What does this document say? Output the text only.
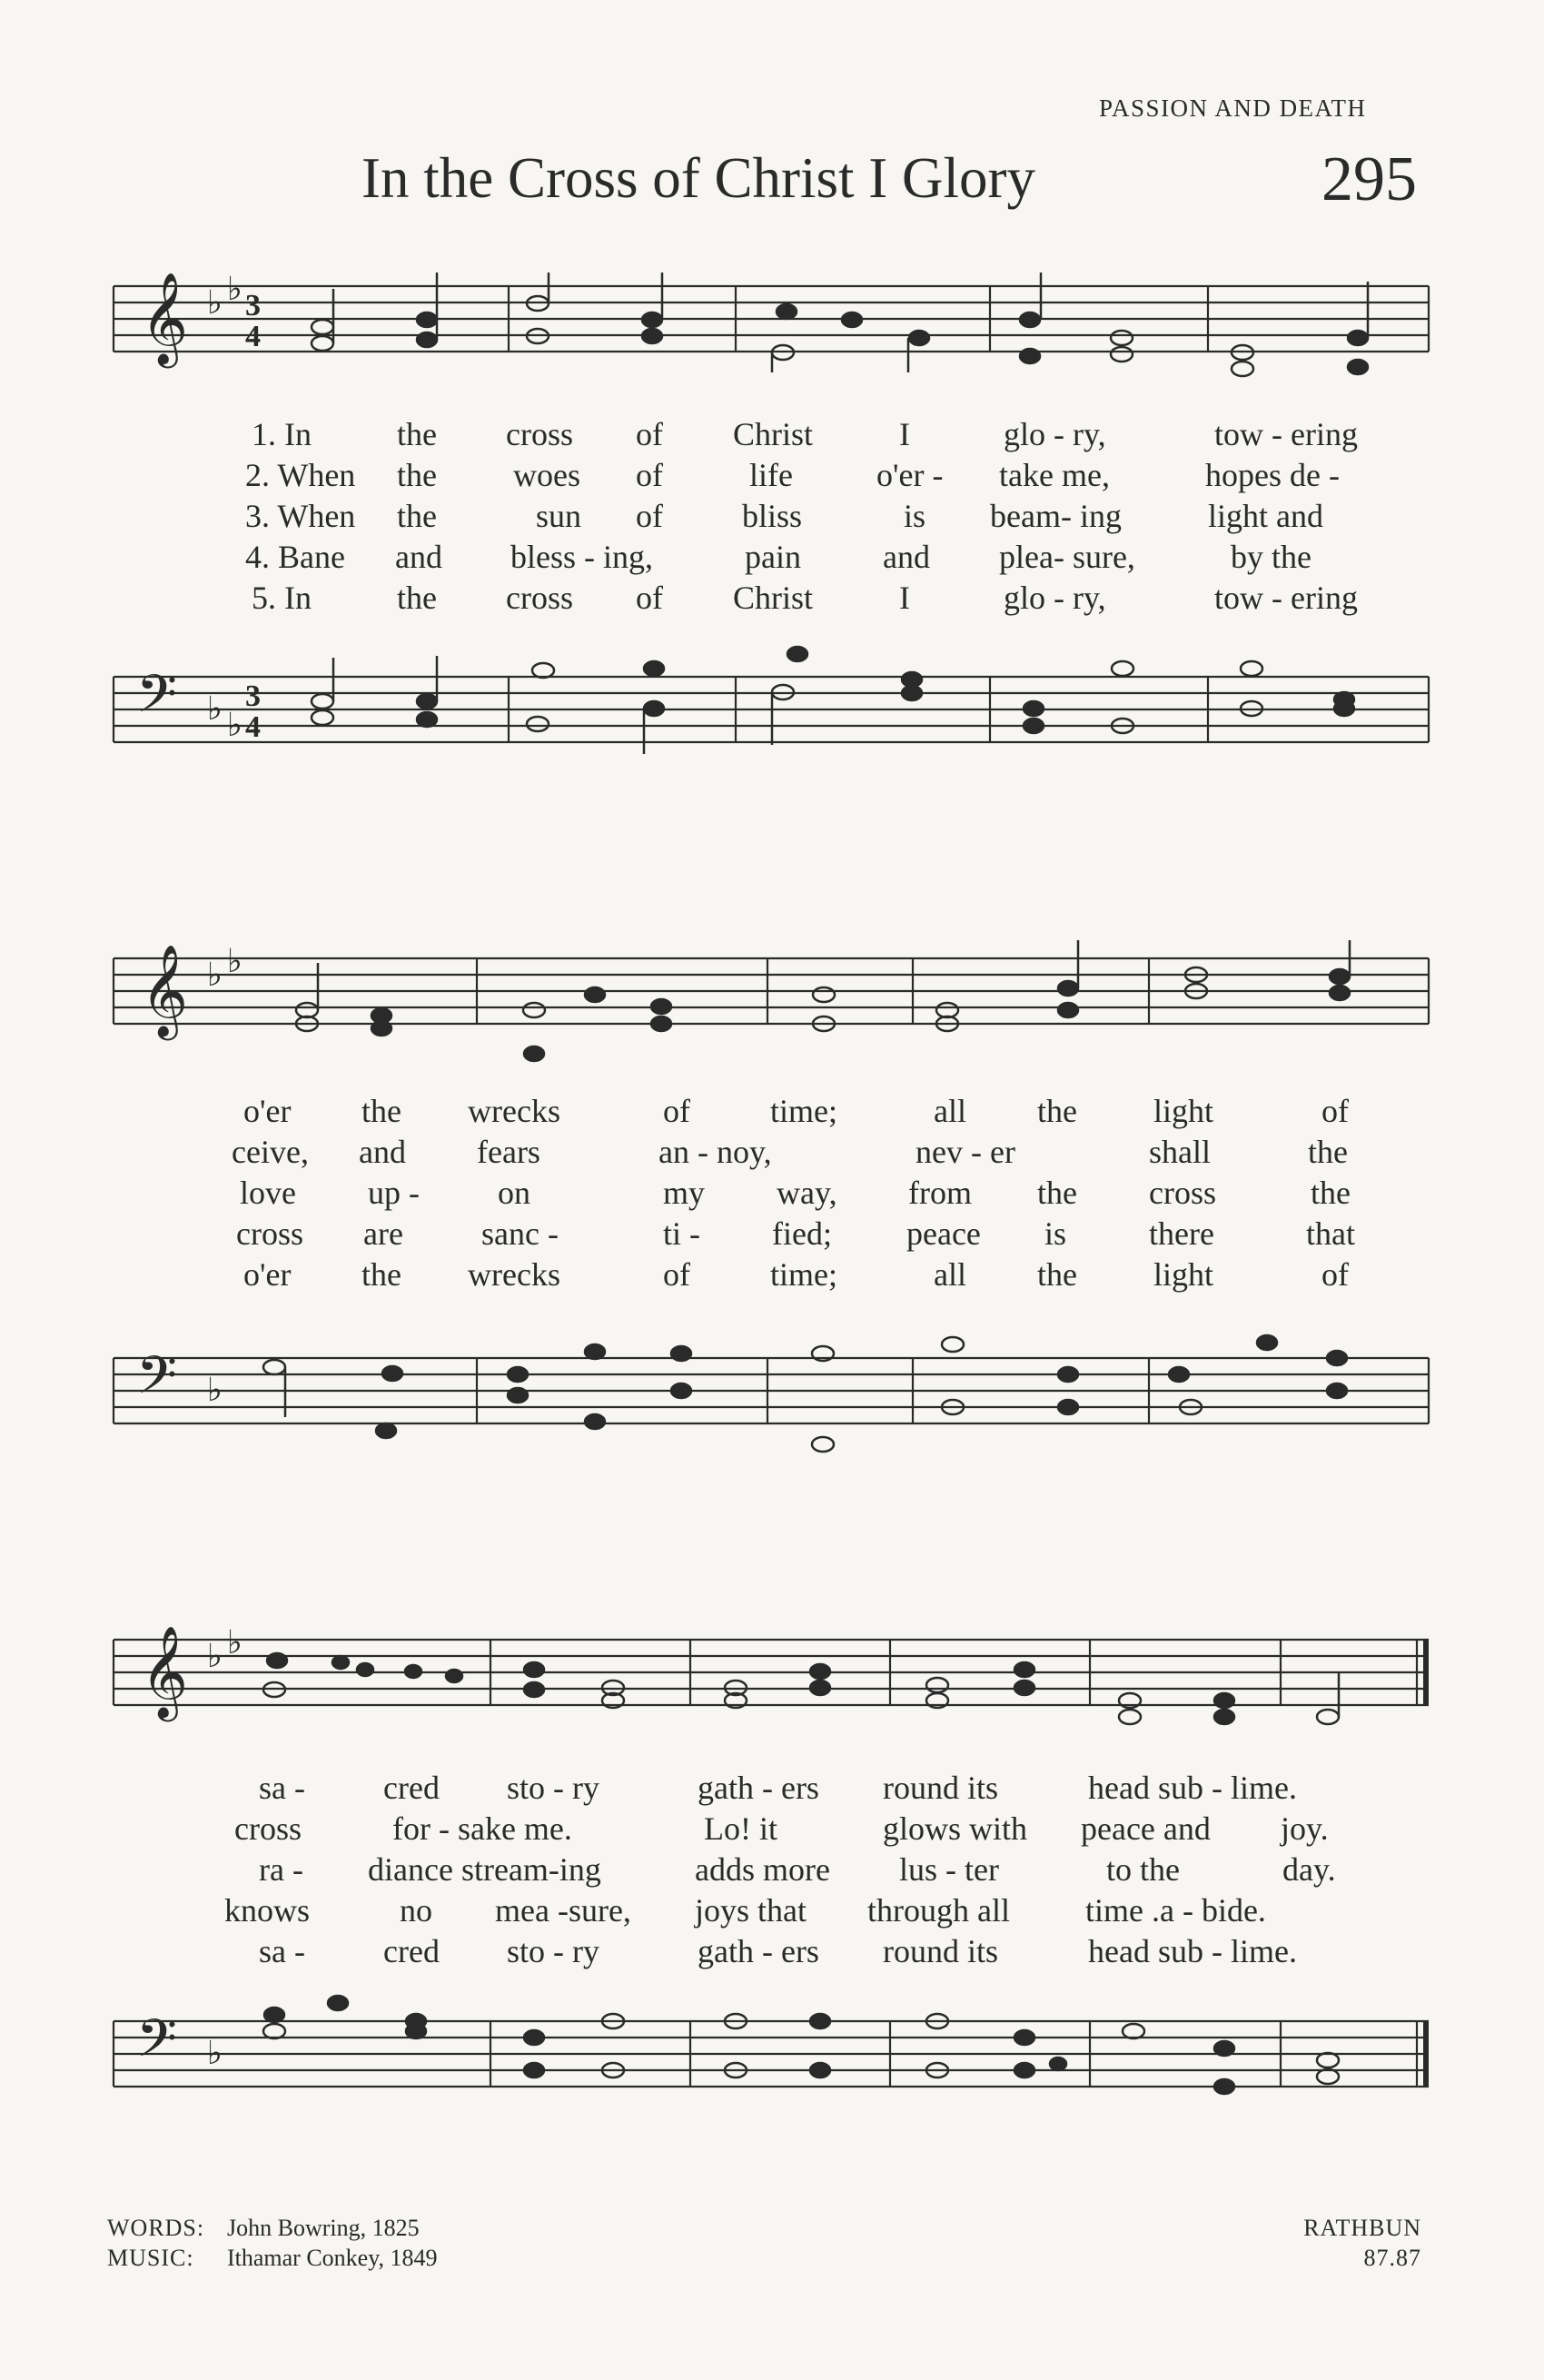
PASSION AND DEATH
In the Cross of Christ I Glory	295
𝄞 ♭ ♭ 3
4
1. In	the cross of Christ	I	glo - ry,	tow - ering
2. When the woes of	life	o'er - take me,	hopes de -
3. When the	sun of bliss	is beam- ing	light and
4. Bane and bless - ing,	pain	and plea- sure,	by the
5. In	the cross of Christ	I	glo - ry,	tow - ering
𝄢 ♭ ♭
3
4
𝄞 ♭ ♭
o'er the wrecks	of time;	all the light	of
ceive, and fears	an - noy,	nev - er	shall	the
love up - on	my way, from the cross	the
cross are sanc -	ti - fied; peace is	there	that
o'er the wrecks	of time;	all the light	of
𝄢 ♭
𝄞 ♭ ♭
sa - cred sto - ry	gath - ers round its	head sub - lime.
cross	for - sake me.	Lo! it	glows with peace and joy.
ra - diance stream-ing	adds more lus - ter	to the	day.
knows	no mea -sure, joys that through all time .a - bide.
sa - cred sto - ry	gath - ers round its	head sub - lime.
𝄢 ♭
WORDS: John Bowring, 1825
MUSIC: Ithamar Conkey, 1849
RATHBUN
87.87
